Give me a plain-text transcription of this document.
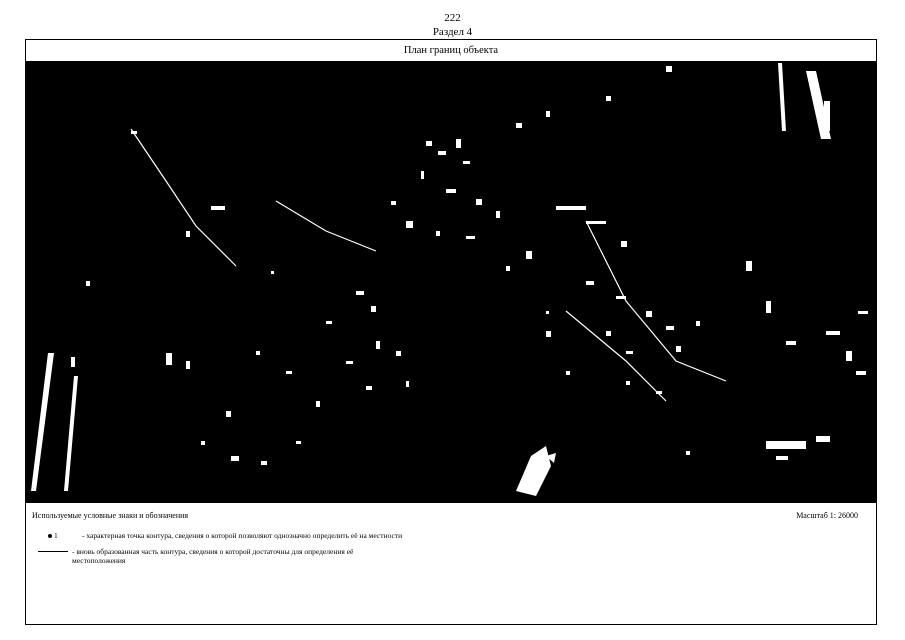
222
Раздел 4
План границ объекта
Используемые условные знаки и обозначения	Масштаб 1: 26000
1	- характерная точка контура, сведения о которой позволяют однозначно определить её на местности
- вновь образованная часть контура, сведения о которой достаточны для определения её местоположения
